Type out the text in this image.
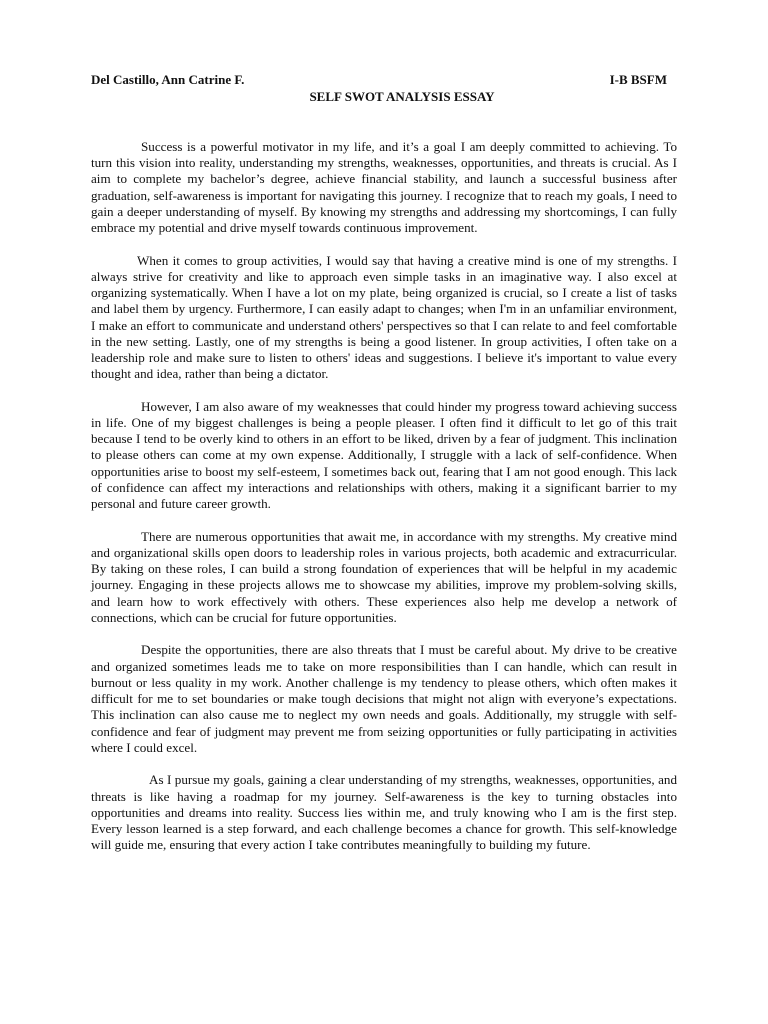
Del Castillo, Ann Catrine F.	I-B BSFM
SELF SWOT ANALYSIS ESSAY

Success is a powerful motivator in my life, and it’s a goal I am deeply committed to achieving. To turn this vision into reality, understanding my strengths, weaknesses, opportunities, and threats is crucial. As I aim to complete my bachelor’s degree, achieve financial stability, and launch a successful business after graduation, self-awareness is important for navigating this journey. I recognize that to reach my goals, I need to gain a deeper understanding of myself. By knowing my strengths and addressing my shortcomings, I can fully embrace my potential and drive myself towards continuous improvement.

When it comes to group activities, I would say that having a creative mind is one of my strengths. I always strive for creativity and like to approach even simple tasks in an imaginative way. I also excel at organizing systematically. When I have a lot on my plate, being organized is crucial, so I create a list of tasks and label them by urgency. Furthermore, I can easily adapt to changes; when I'm in an unfamiliar environment, I make an effort to communicate and understand others' perspectives so that I can relate to and feel comfortable in the new setting. Lastly, one of my strengths is being a good listener. In group activities, I often take on a leadership role and make sure to listen to others' ideas and suggestions. I believe it's important to value every thought and idea, rather than being a dictator.

However, I am also aware of my weaknesses that could hinder my progress toward achieving success in life. One of my biggest challenges is being a people pleaser. I often find it difficult to let go of this trait because I tend to be overly kind to others in an effort to be liked, driven by a fear of judgment. This inclination to please others can come at my own expense. Additionally, I struggle with a lack of self-confidence. When opportunities arise to boost my self-esteem, I sometimes back out, fearing that I am not good enough. This lack of confidence can affect my interactions and relationships with others, making it a significant barrier to my personal and future career growth.

There are numerous opportunities that await me, in accordance with my strengths. My creative mind and organizational skills open doors to leadership roles in various projects, both academic and extracurricular. By taking on these roles, I can build a strong foundation of experiences that will be helpful in my academic journey. Engaging in these projects allows me to showcase my abilities, improve my problem-solving skills, and learn how to work effectively with others. These experiences also help me develop a network of connections, which can be crucial for future opportunities.

Despite the opportunities, there are also threats that I must be careful about. My drive to be creative and organized sometimes leads me to take on more responsibilities than I can handle, which can result in burnout or less quality in my work. Another challenge is my tendency to please others, which often makes it difficult for me to set boundaries or make tough decisions that might not align with everyone’s expectations. This inclination can also cause me to neglect my own needs and goals. Additionally, my struggle with self-confidence and fear of judgment may prevent me from seizing opportunities or fully participating in activities where I could excel.

As I pursue my goals, gaining a clear understanding of my strengths, weaknesses, opportunities, and threats is like having a roadmap for my journey. Self-awareness is the key to turning obstacles into opportunities and dreams into reality. Success lies within me, and truly knowing who I am is the first step. Every lesson learned is a step forward, and each challenge becomes a chance for growth. This self-knowledge will guide me, ensuring that every action I take contributes meaningfully to building my future.
